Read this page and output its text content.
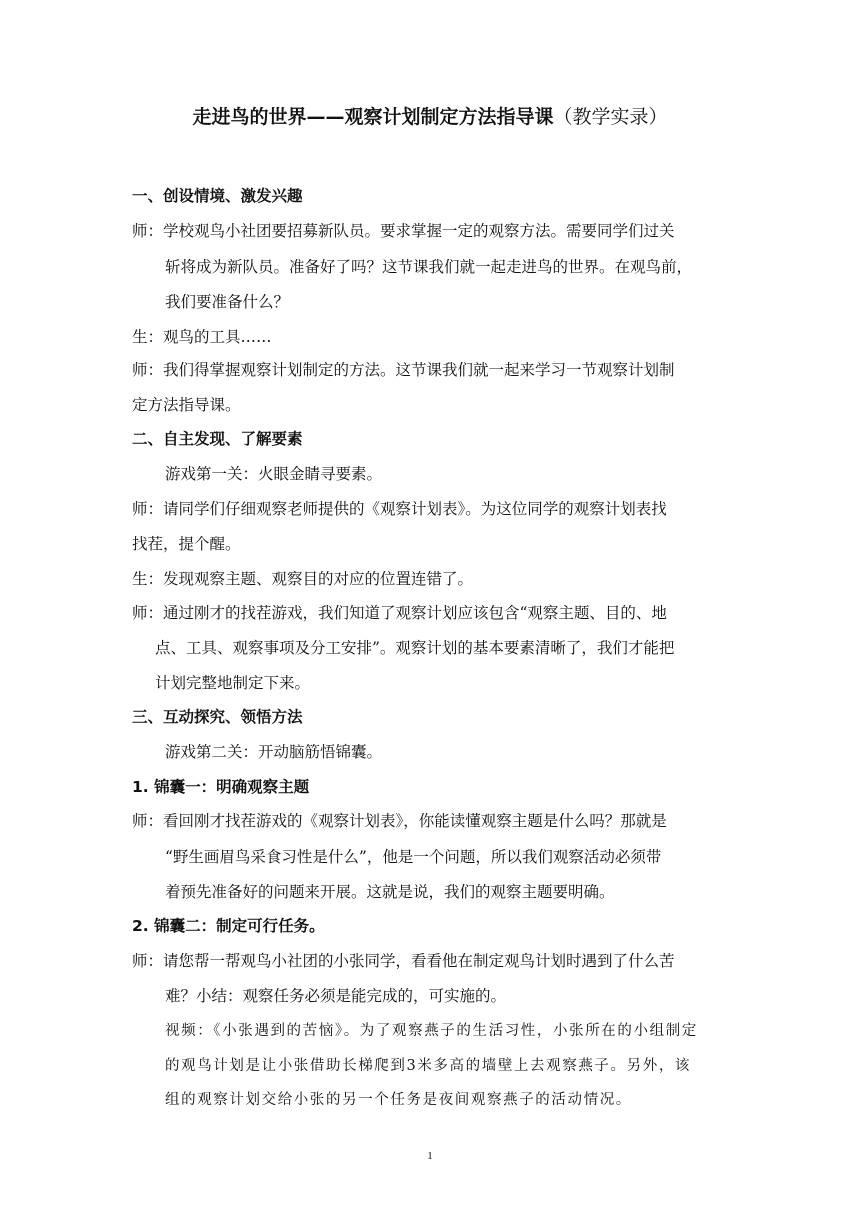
走进鸟的世界——观察计划制定方法指导课（教学实录）
一、创设情境、激发兴趣
师：学校观鸟小社团要招募新队员。要求掌握一定的观察方法。需要同学们过关
斩将成为新队员。准备好了吗？这节课我们就一起走进鸟的世界。在观鸟前，
我们要准备什么？
生：观鸟的工具……
师：我们得掌握观察计划制定的方法。这节课我们就一起来学习一节观察计划制
定方法指导课。
二、自主发现、了解要素
游戏第一关：火眼金睛寻要素。
师：请同学们仔细观察老师提供的《观察计划表》。为这位同学的观察计划表找
找茬，提个醒。
生：发现观察主题、观察目的对应的位置连错了。
师：通过刚才的找茬游戏，我们知道了观察计划应该包含“观察主题、目的、地
点、工具、观察事项及分工安排”。观察计划的基本要素清晰了，我们才能把
计划完整地制定下来。
三、互动探究、领悟方法
游戏第二关：开动脑筋悟锦囊。
1. 锦囊一：明确观察主题
师：看回刚才找茬游戏的《观察计划表》，你能读懂观察主题是什么吗？那就是
“野生画眉鸟采食习性是什么”，他是一个问题，所以我们观察活动必须带
着预先准备好的问题来开展。这就是说，我们的观察主题要明确。
2. 锦囊二：制定可行任务。
师：请您帮一帮观鸟小社团的小张同学，看看他在制定观鸟计划时遇到了什么苦
难？小结：观察任务必须是能完成的，可实施的。
视频：《小张遇到的苦恼》。为了观察燕子的生活习性，小张所在的小组制定
的观鸟计划是让小张借助长梯爬到3米多高的墙壁上去观察燕子。另外，该
组的观察计划交给小张的另一个任务是夜间观察燕子的活动情况。
1
